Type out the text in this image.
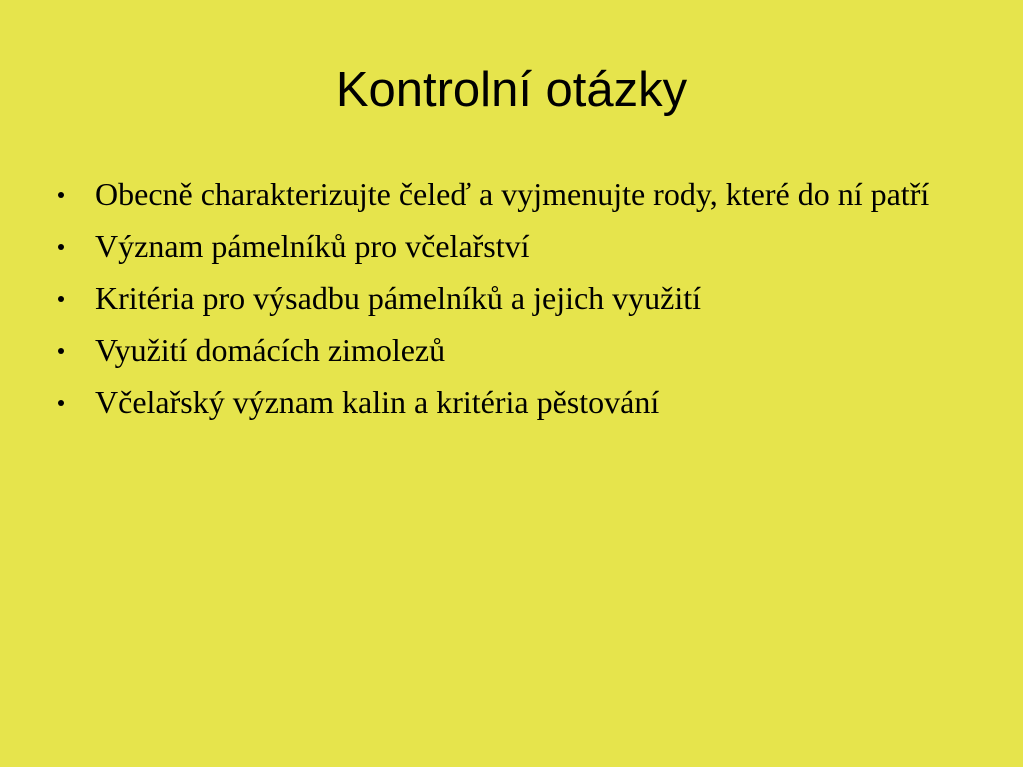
Kontrolní otázky
Obecně charakterizujte čeleď a vyjmenujte rody, které do ní patří
Význam pámelníků pro včelařství
Kritéria pro výsadbu pámelníků a jejich využití
Využití domácích zimolezů
Včelařský význam kalin a kritéria pěstování
